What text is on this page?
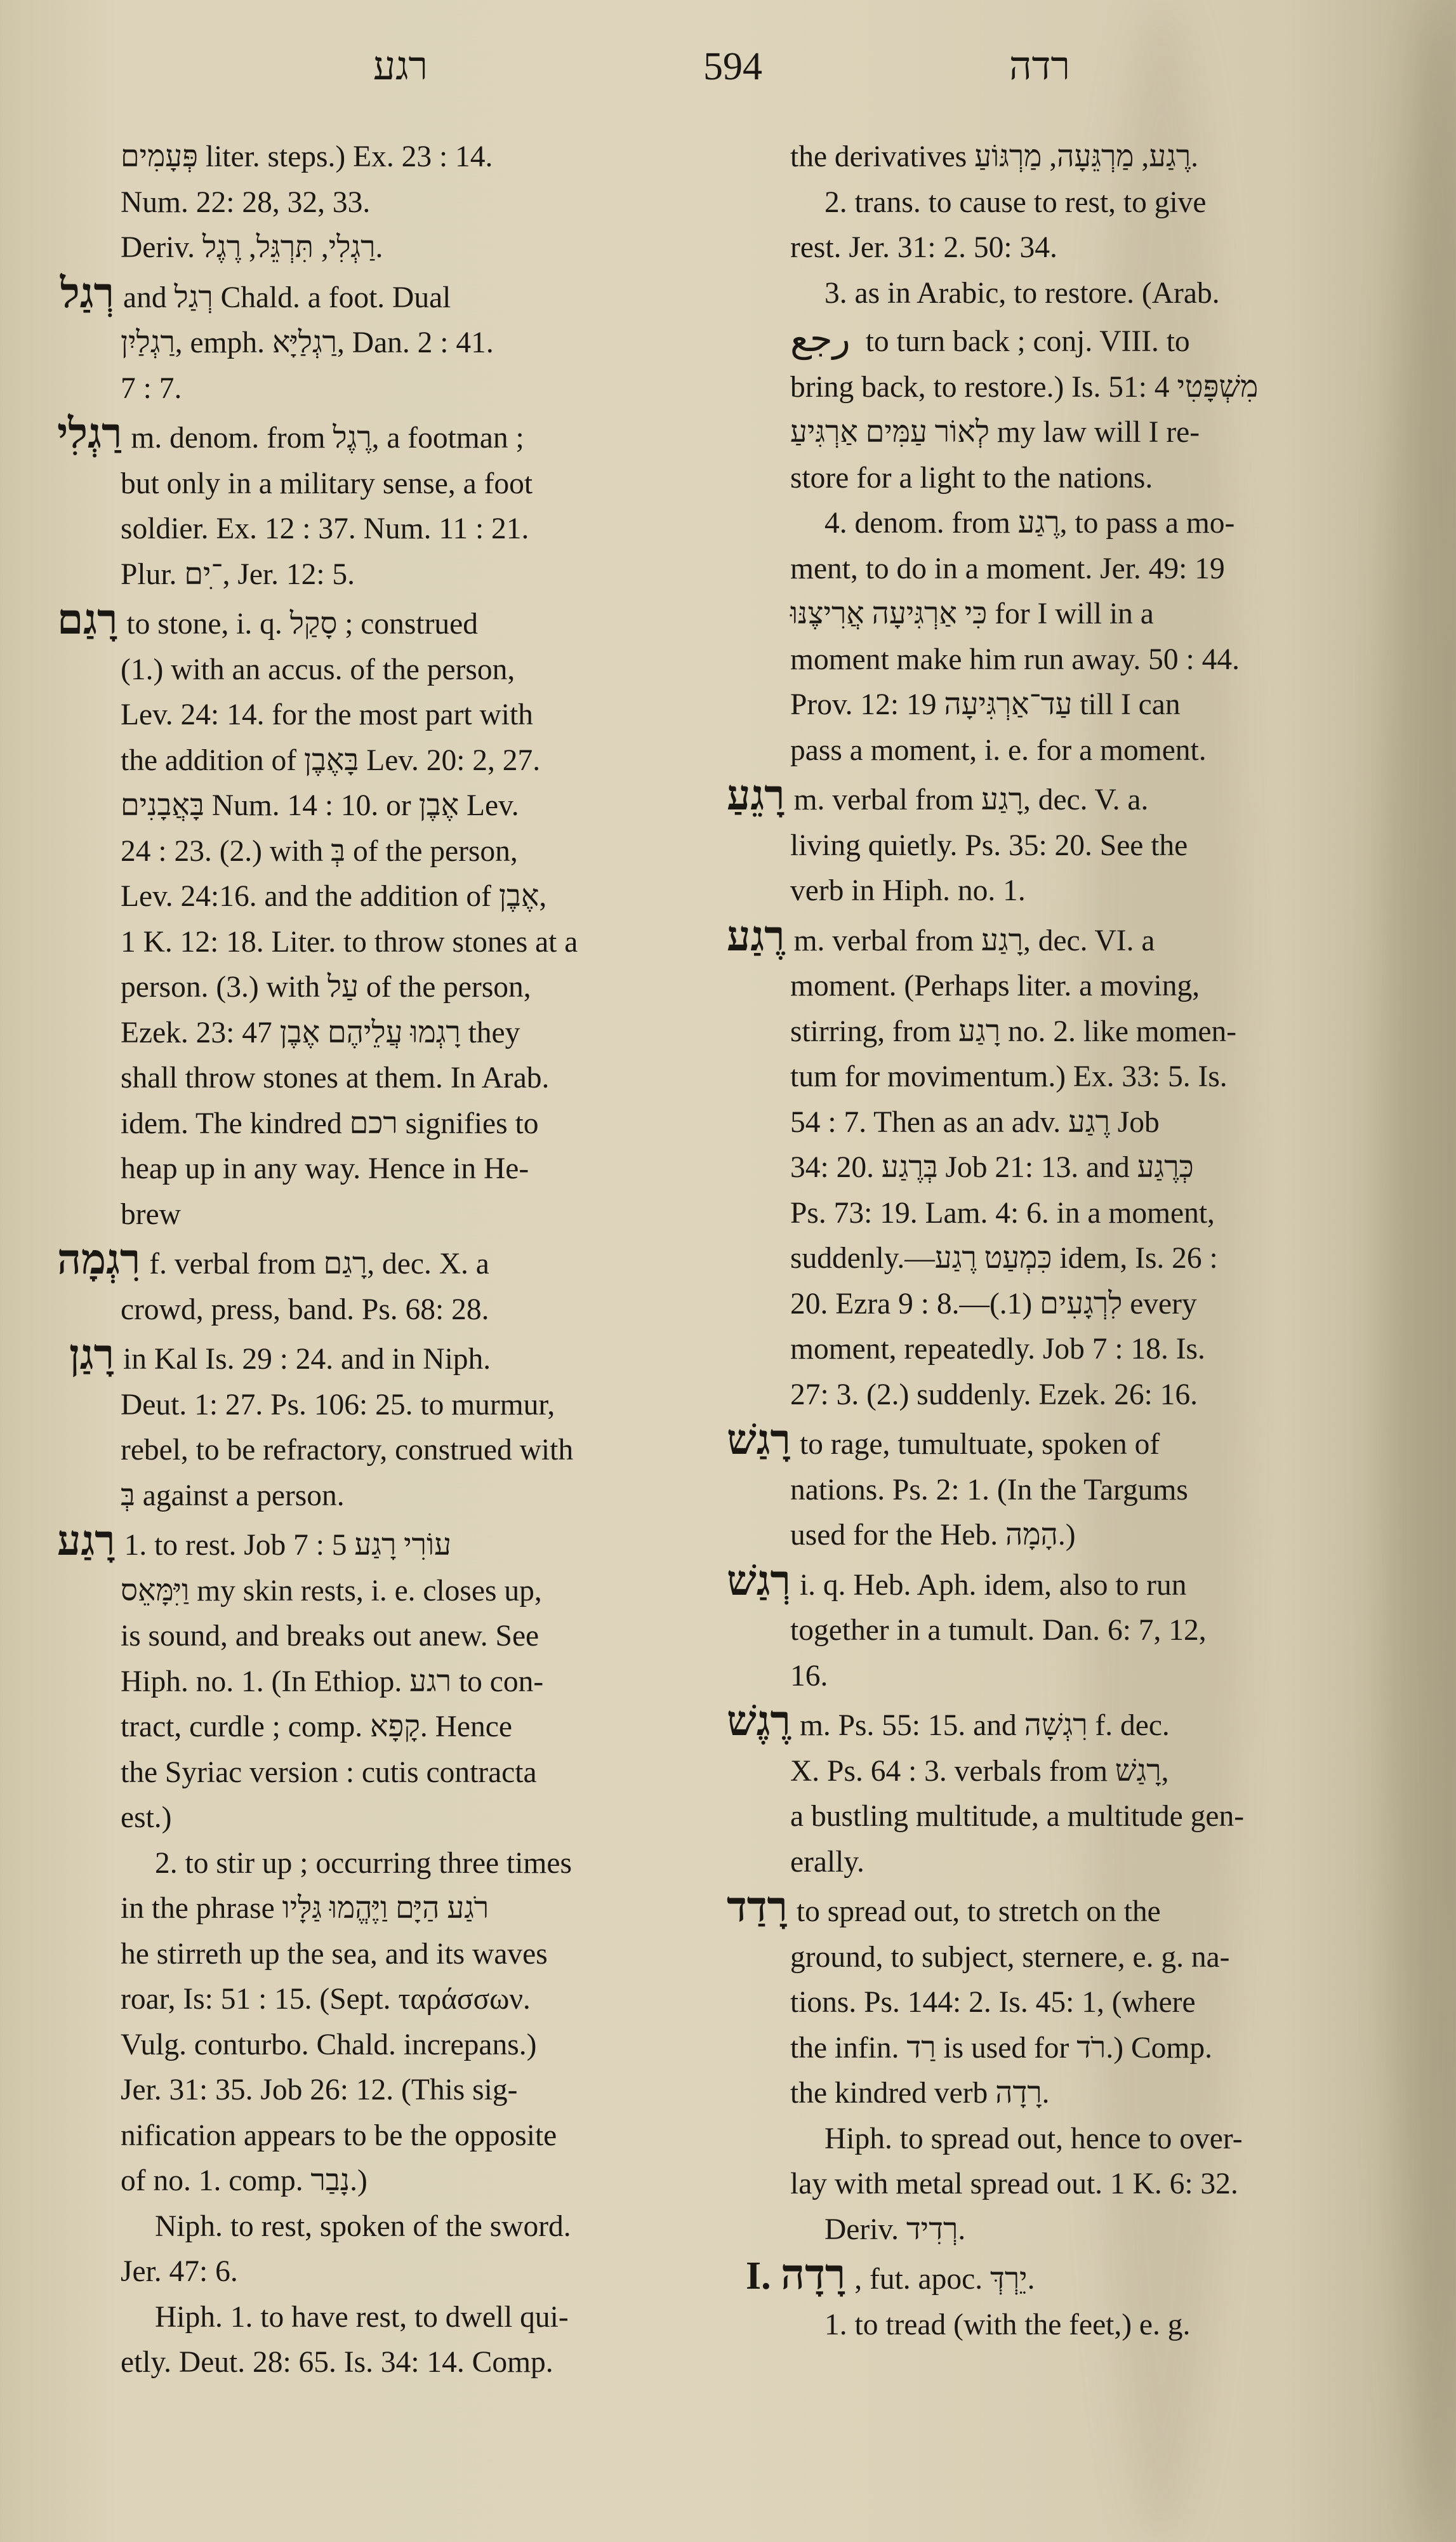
רגע	594	רדה
פְּעָמִים liter. steps.) Ex. 23 : 14.
Num. 22: 28, 32, 33.
Deriv. רַגְלִי, תִּרְגֵּל, רֶגֶל.
רְגַל and רְגַל Chald. a foot. Dual
רַגְלַיִן, emph. רַגְלַיָּא, Dan. 2 : 41.
7 : 7.
רַגְלִי m. denom. from רֶגֶל, a footman ;
but only in a military sense, a foot
soldier. Ex. 12 : 37. Num. 11 : 21.
Plur. ־ִים, Jer. 12: 5.
רָגַם to stone, i. q. סָקַל ; construed
(1.) with an accus. of the person,
Lev. 24: 14. for the most part with
the addition of בָּאֶבֶן Lev. 20: 2, 27.
בָּאֲבָנִים Num. 14 : 10. or אֶבֶן Lev.
24 : 23. (2.) with בְּ of the person,
Lev. 24:16. and the addition of אֶבֶן,
1 K. 12: 18. Liter. to throw stones at a
person. (3.) with עַל of the person,
Ezek. 23: 47 רָגְמוּ עֲלֵיהֶם אֶבֶן they
shall throw stones at them. In Arab.
idem. The kindred רכם signifies to
heap up in any way. Hence in He-
brew
רִגְמָה f. verbal from רָגַם, dec. X. a
crowd, press, band. Ps. 68: 28.
רָגַן in Kal Is. 29 : 24. and in Niph.
Deut. 1: 27. Ps. 106: 25. to murmur,
rebel, to be refractory, construed with
בְּ against a person.
רָגַע 1. to rest. Job 7 : 5 עוֹרִי רָגַע
וַיִּמָּאֵס my skin rests, i. e. closes up,
is sound, and breaks out anew. See
Hiph. no. 1. (In Ethiop. רגע to con-
tract, curdle ; comp. קָפָא. Hence
the Syriac version : cutis contracta
est.)
2. to stir up ; occurring three times
in the phrase רֹגַע הַיָּם וַיֶּהֱמוּ גַּלָּיו
he stirreth up the sea, and its waves
roar, Is: 51 : 15. (Sept. ταράσσων.
Vulg. conturbo. Chald. increpans.)
Jer. 31: 35. Job 26: 12. (This sig-
nification appears to be the opposite
of no. 1. comp. נָבַר.)
Niph. to rest, spoken of the sword.
Jer. 47: 6.
Hiph. 1. to have rest, to dwell qui-
etly. Deut. 28: 65. Is. 34: 14. Comp.
the derivatives רֶגַע, מַרְגֵּעָה, מַרְגּוֹעַ.
2. trans. to cause to rest, to give
rest. Jer. 31: 2. 50: 34.
3. as in Arabic, to restore. (Arab.
رجع to turn back ; conj. VIII. to
bring back, to restore.) Is. 51: 4 מִשְׁפָּטִי
לְאוֹר עַמִּים אַרְגִּיעַ my law will I re-
store for a light to the nations.
4. denom. from רֶגַע, to pass a mo-
ment, to do in a moment. Jer. 49: 19
כִּי אַרְגִּיעָה אֲרִיצֶנּוּ for I will in a
moment make him run away. 50 : 44.
Prov. 12: 19 עַד־אַרְגִּיעָה till I can
pass a moment, i. e. for a moment.
רָגֵעַ m. verbal from רָגַע, dec. V. a.
living quietly. Ps. 35: 20. See the
verb in Hiph. no. 1.
רֶגַע m. verbal from רָגַע, dec. VI. a
moment. (Perhaps liter. a moving,
stirring, from רָגַע no. 2. like momen-
tum for movimentum.) Ex. 33: 5. Is.
54 : 7. Then as an adv. רֶגַע Job
34: 20. בְּרֶגַע Job 21: 13. and כְּרֶגַע
Ps. 73: 19. Lam. 4: 6. in a moment,
suddenly.—כִּמְעַט רֶגַע idem, Is. 26 :
20. Ezra 9 : 8.—לִרְגָעִים (1.) every
moment, repeatedly. Job 7 : 18. Is.
27: 3. (2.) suddenly. Ezek. 26: 16.
רָגַשׁ to rage, tumultuate, spoken of
nations. Ps. 2: 1. (In the Targums
used for the Heb. הָמָה.)
רְגַשׁ i. q. Heb. Aph. idem, also to run
together in a tumult. Dan. 6: 7, 12,
16.
רֶגֶשׁ m. Ps. 55: 15. and רִגְשָׁה f. dec.
X. Ps. 64 : 3. verbals from רָגַשׁ,
a bustling multitude, a multitude gen-
erally.
רָדַד to spread out, to stretch on the
ground, to subject, sternere, e. g. na-
tions. Ps. 144: 2. Is. 45: 1, (where
the infin. רַד is used for רֹד.) Comp.
the kindred verb רָדָה.
Hiph. to spread out, hence to over-
lay with metal spread out. 1 K. 6: 32.
Deriv. רְדִיד.
I. רָדָה , fut. apoc. יֵרְדְּ.
1. to tread (with the feet,) e. g.
